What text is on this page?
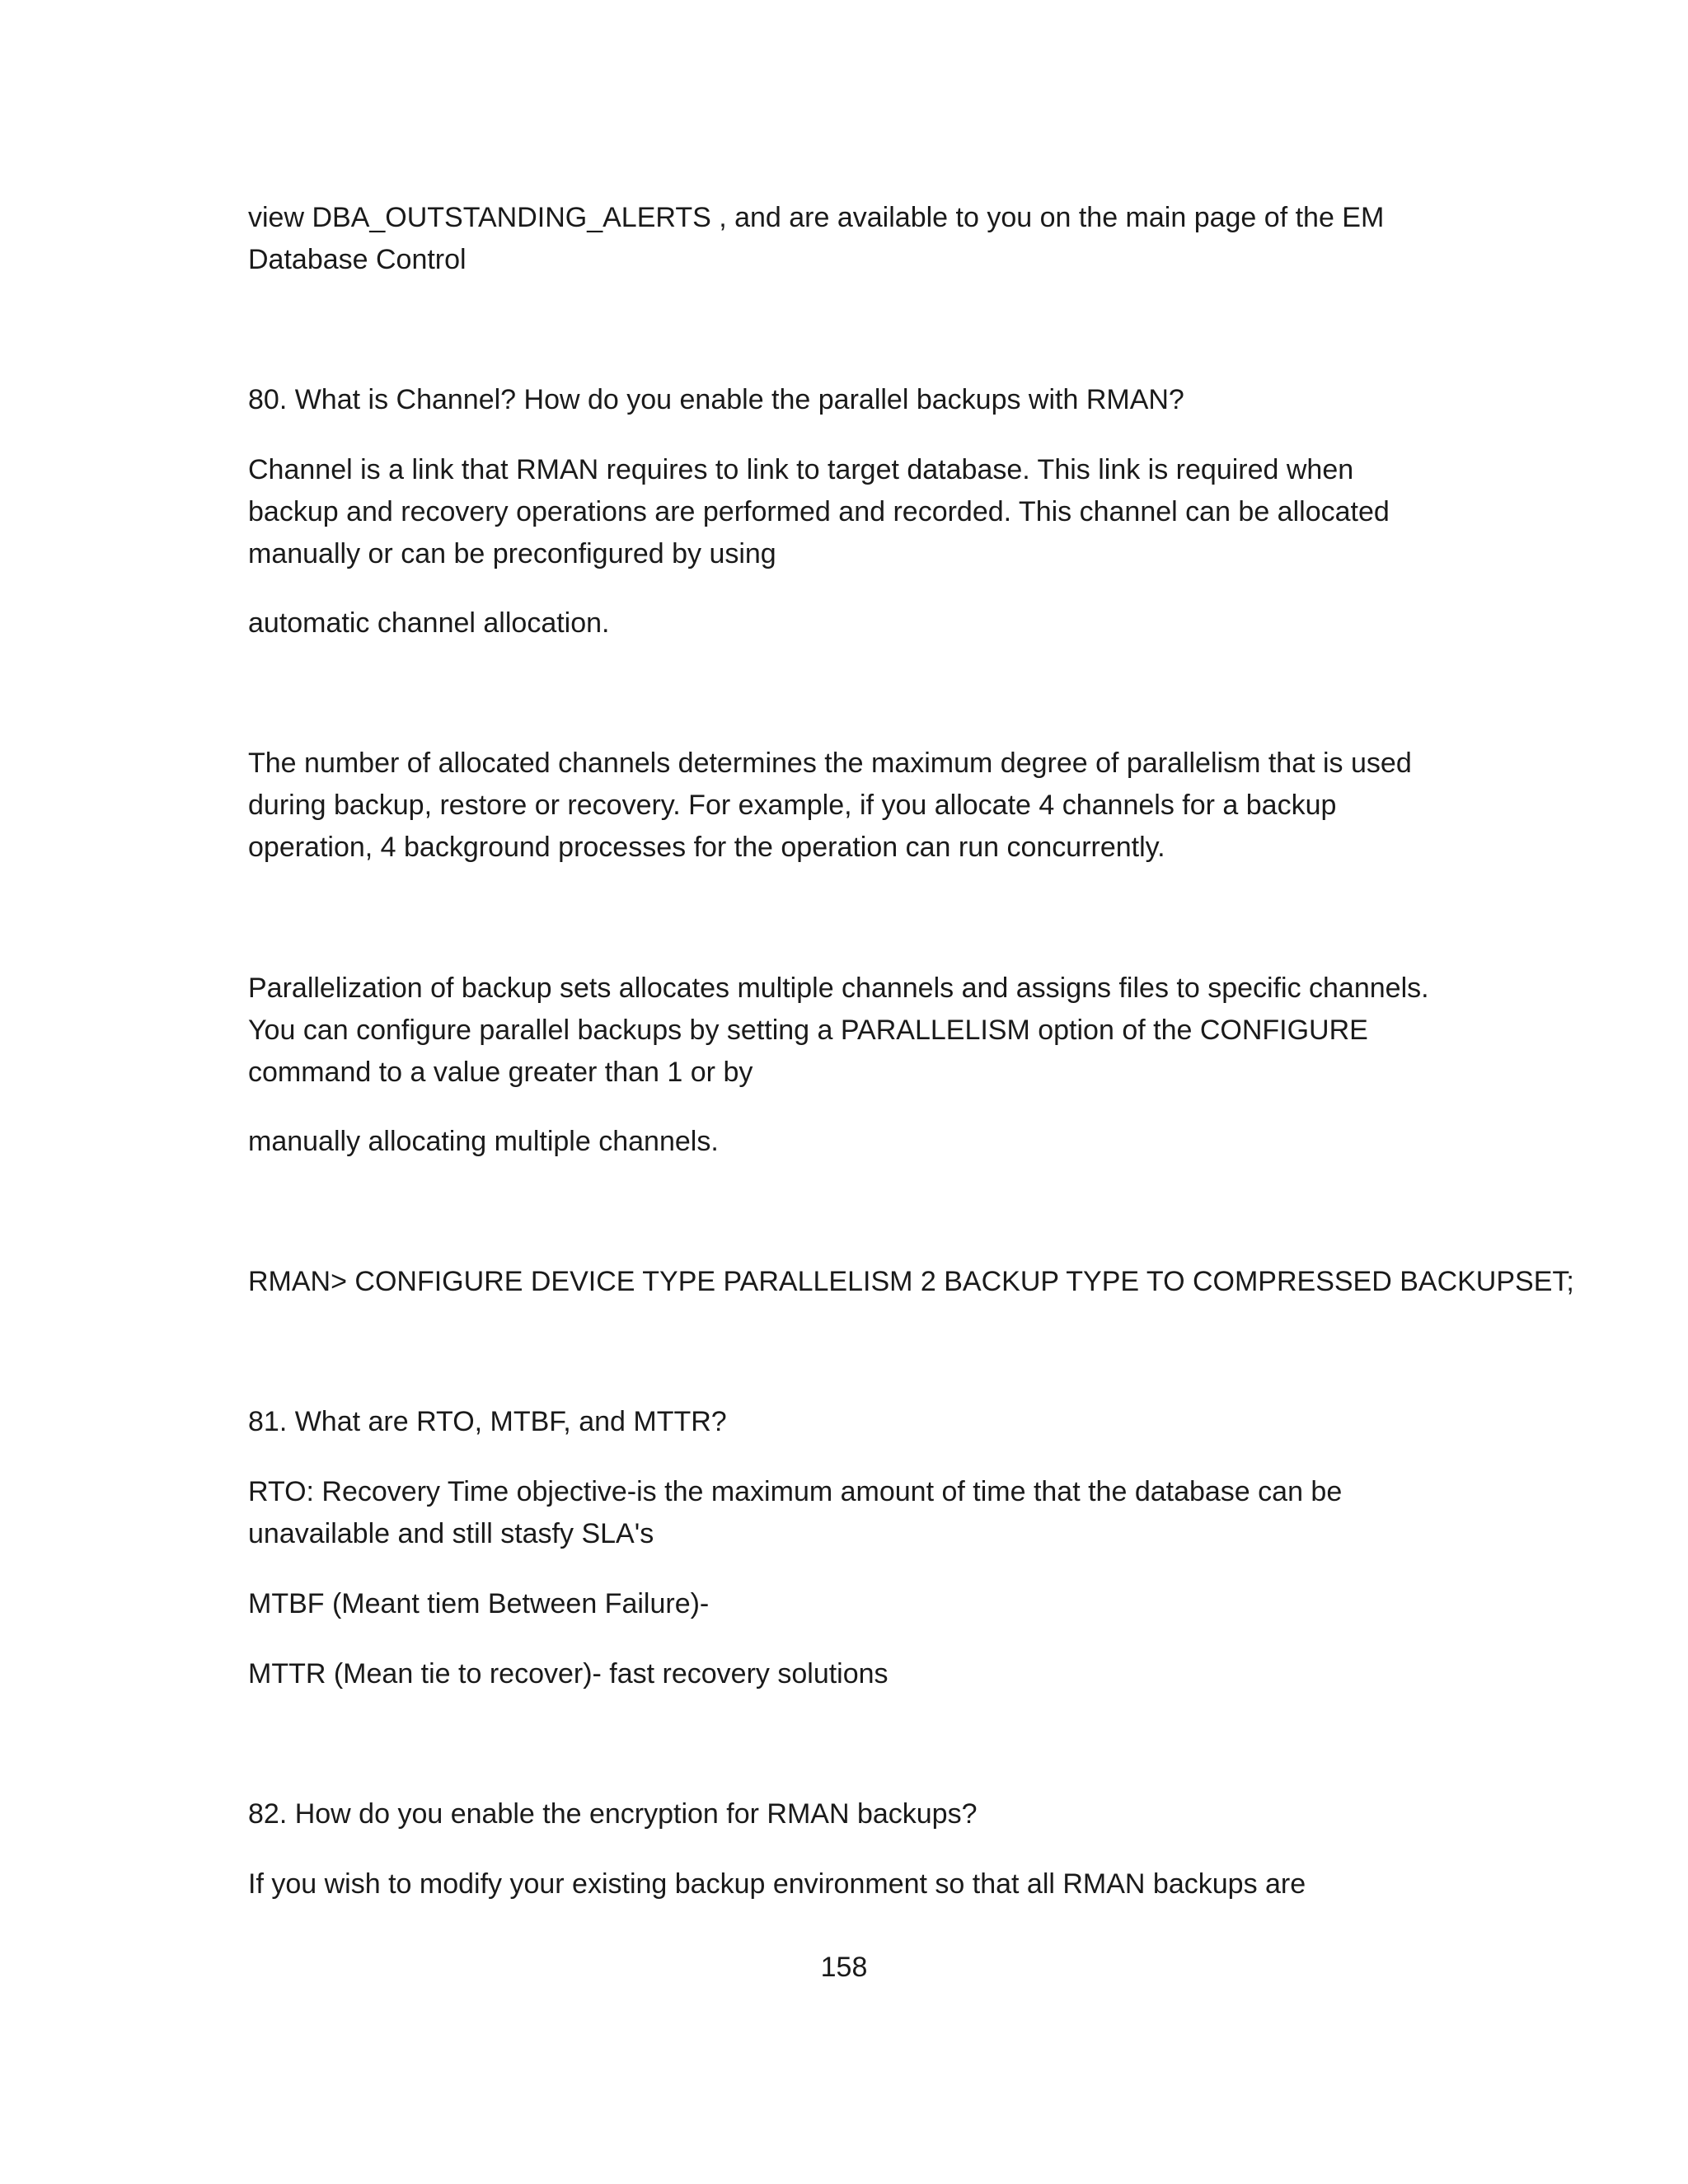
view DBA_OUTSTANDING_ALERTS , and are available to you on the main page of the EM
Database Control

80. What is Channel? How do you enable the parallel backups with RMAN?

Channel is a link that RMAN requires to link to target database. This link is required when
backup and recovery operations are performed and recorded. This channel can be allocated
manually or can be preconfigured by using

automatic channel allocation.

The number of allocated channels determines the maximum degree of parallelism that is used
during backup, restore or recovery. For example, if you allocate 4 channels for a backup
operation, 4 background processes for the operation can run concurrently.

Parallelization of backup sets allocates multiple channels and assigns files to specific channels.
You can configure parallel backups by setting a PARALLELISM option of the CONFIGURE
command to a value greater than 1 or by

manually allocating multiple channels.

RMAN> CONFIGURE DEVICE TYPE PARALLELISM 2 BACKUP TYPE TO COMPRESSED BACKUPSET;

81. What are RTO, MTBF, and MTTR?

RTO: Recovery Time objective-is the maximum amount of time that the database can be
unavailable and still stasfy SLA's

MTBF (Meant tiem Between Failure)-

MTTR (Mean tie to recover)- fast recovery solutions

82. How do you enable the encryption for RMAN backups?

If you wish to modify your existing backup environment so that all RMAN backups are

158
